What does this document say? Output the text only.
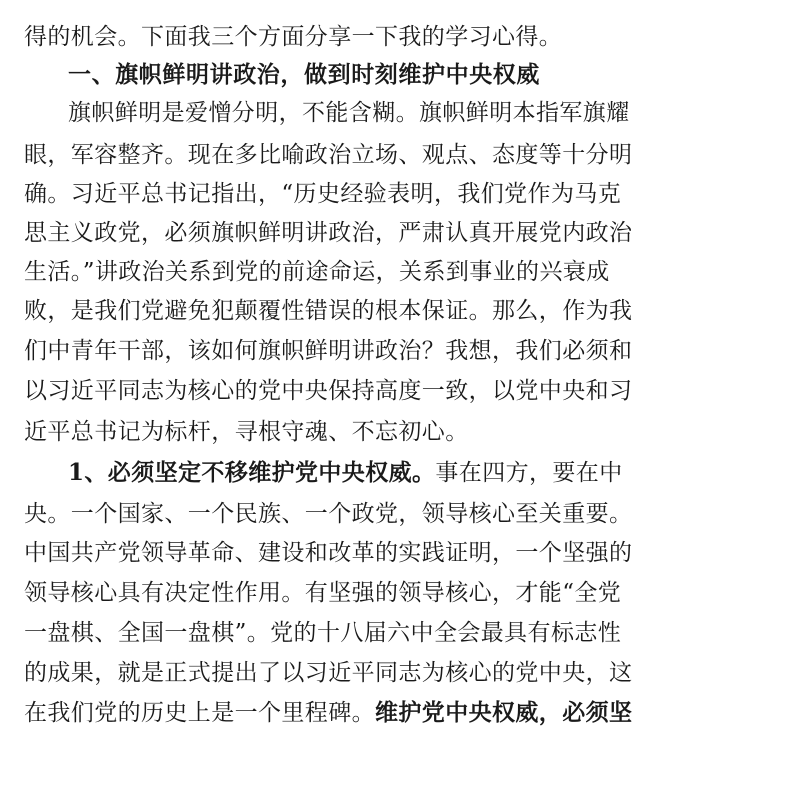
得的机会。下面我三个方面分享一下我的学习心得。
一、旗帜鲜明讲政治，做到时刻维护中央权威
旗帜鲜明是爱憎分明，不能含糊。旗帜鲜明本指军旗耀
眼，军容整齐。现在多比喻政治立场、观点、态度等十分明
确。习近平总书记指出，“历史经验表明，我们党作为马克
思主义政党，必须旗帜鲜明讲政治，严肃认真开展党内政治
生活。”讲政治关系到党的前途命运，关系到事业的兴衰成
败，是我们党避免犯颠覆性错误的根本保证。那么，作为我
们中青年干部，该如何旗帜鲜明讲政治？我想，我们必须和
以习近平同志为核心的党中央保持高度一致，以党中央和习
近平总书记为标杆，寻根守魂、不忘初心。
1、必须坚定不移维护党中央权威。事在四方，要在中
央。一个国家、一个民族、一个政党，领导核心至关重要。
中国共产党领导革命、建设和改革的实践证明，一个坚强的
领导核心具有决定性作用。有坚强的领导核心，才能“全党
一盘棋、全国一盘棋”。党的十八届六中全会最具有标志性
的成果，就是正式提出了以习近平同志为核心的党中央，这
在我们党的历史上是一个里程碑。维护党中央权威，必须坚
